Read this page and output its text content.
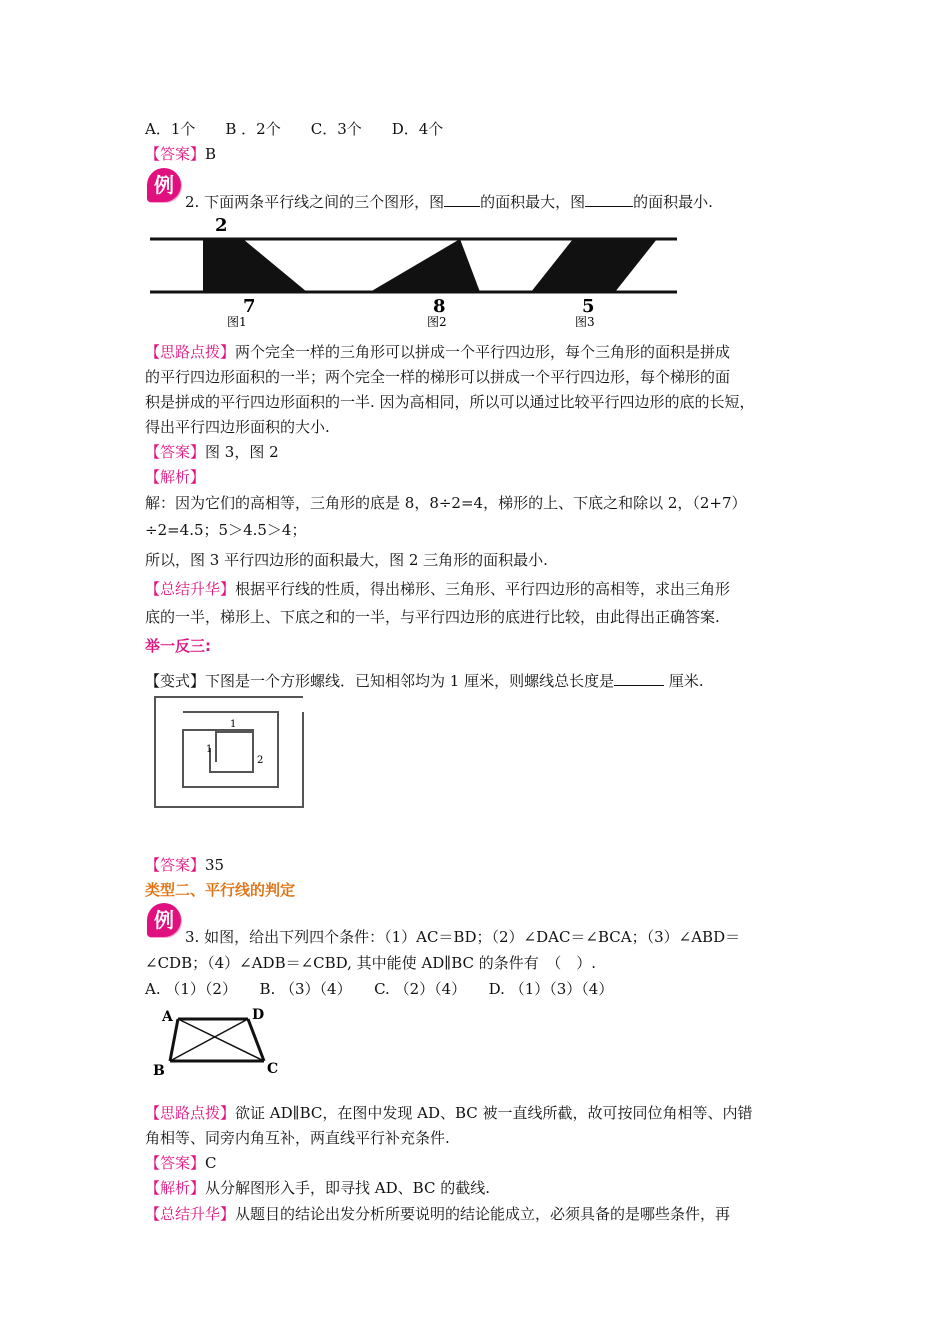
A．1个　　B ．2个　　C．3个　　D．4个
【答案】B
例
2. 下面两条平行线之间的三个图形，图 的面积最大，图	的面积最小.
2
7	8	5
图1	图2	图3
【思路点拨】两个完全一样的三角形可以拼成一个平行四边形，每个三角形的面积是拼成
的平行四边形面积的一半；两个完全一样的梯形可以拼成一个平行四边形，每个梯形的面
积是拼成的平行四边形面积的一半. 因为高相同，所以可以通过比较平行四边形的底的长短，
得出平行四边形面积的大小.
【答案】图 3，图 2
【解析】
解：因为它们的高相等，三角形的底是 8，8÷2=4，梯形的上、下底之和除以 2，（2+7）
÷2=4.5；5＞4.5＞4；
所以，图 3 平行四边形的面积最大，图 2 三角形的面积最小.
【总结升华】根据平行线的性质，得出梯形、三角形、平行四边形的高相等，求出三角形
底的一半，梯形上、下底之和的一半，与平行四边形的底进行比较，由此得出正确答案.
举一反三:
【变式】下图是一个方形螺线．已知相邻均为 1 厘米，则螺线总长度是	厘米.
1
1
2
【答案】35
类型二、平行线的判定
例
3. 如图，给出下列四个条件：（1）AC＝BD；（2）∠DAC＝∠BCA；（3）∠ABD＝
∠CDB；（4）∠ADB＝∠CBD, 其中能使 AD∥BC 的条件有　（　）.
A. （1）（2）　　B. （3）（4）　　C. （2）（4）　　D. （1）（3）（4）
A	D
B	C
【思路点拨】欲证 AD∥BC，在图中发现 AD、BC 被一直线所截，故可按同位角相等、内错
角相等、同旁内角互补，两直线平行补充条件.
【答案】C
【解析】从分解图形入手，即寻找 AD、BC 的截线.
【总结升华】从题目的结论出发分析所要说明的结论能成立，必须具备的是哪些条件，再
